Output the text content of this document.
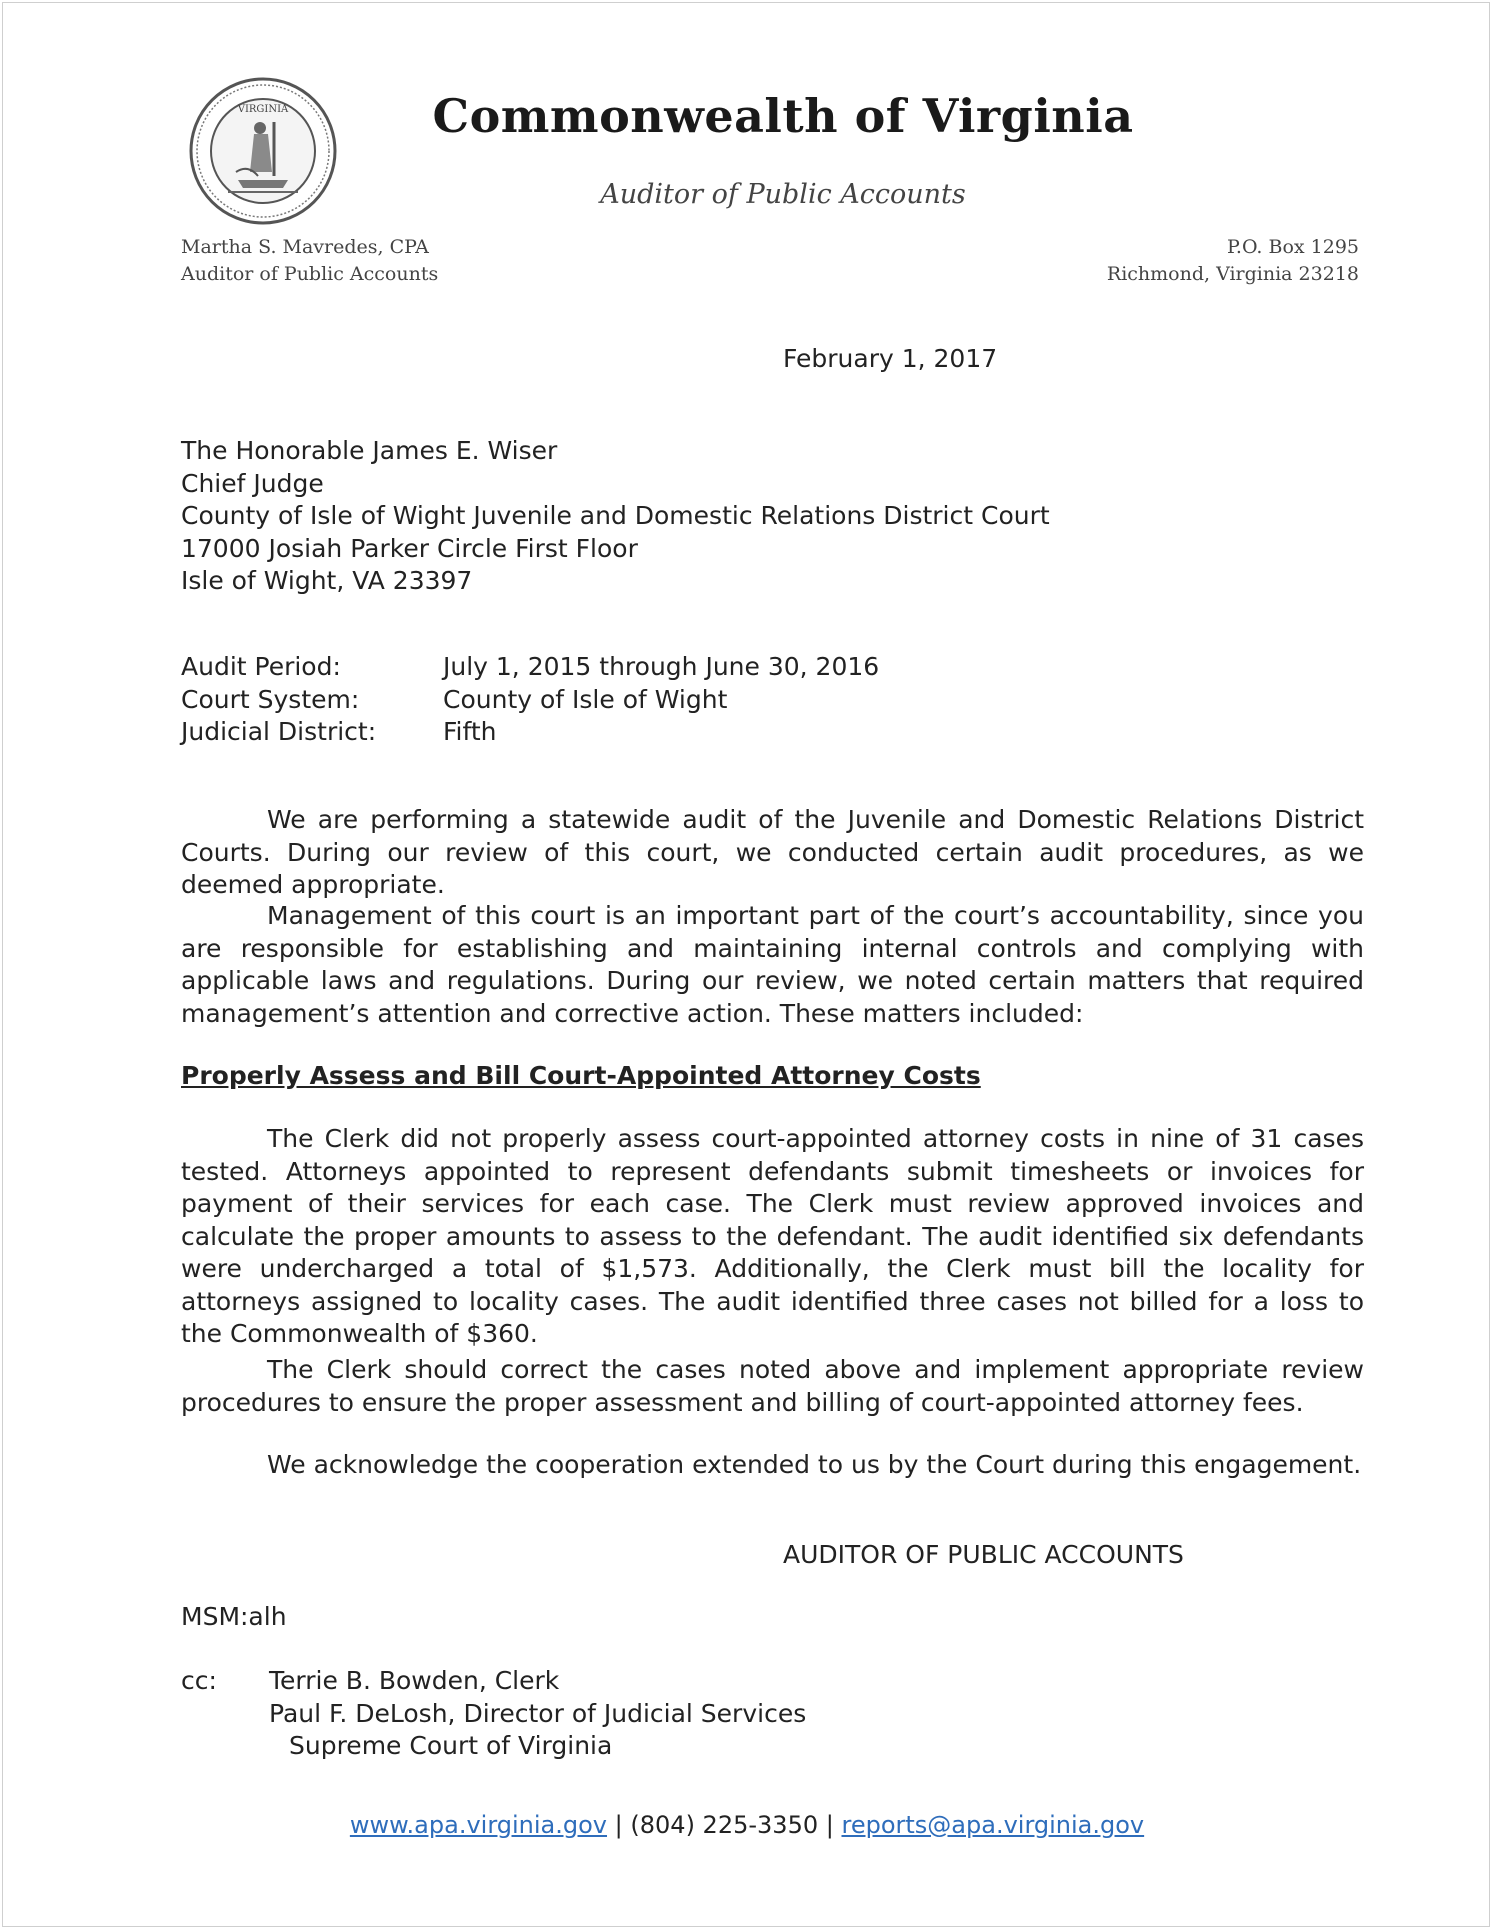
VIRGINIA	Commonwealth of Virginia
Auditor of Public Accounts
Martha S. Mavredes, CPA
Auditor of Public Accounts
P.O. Box 1295
Richmond, Virginia 23218
February 1, 2017
The Honorable James E. Wiser
Chief Judge
County of Isle of Wight Juvenile and Domestic Relations District Court
17000 Josiah Parker Circle First Floor
Isle of Wight, VA 23397
Audit Period:	July 1, 2015 through June 30, 2016
Court System:	County of Isle of Wight
Judicial District:	Fifth
We are performing a statewide audit of the Juvenile and Domestic Relations District Courts. During our review of this court, we conducted certain audit procedures, as we deemed appropriate.
Management of this court is an important part of the court’s accountability, since you are responsible for establishing and maintaining internal controls and complying with applicable laws and regulations. During our review, we noted certain matters that required management’s attention and corrective action. These matters included:
Properly Assess and Bill Court-Appointed Attorney Costs
The Clerk did not properly assess court-appointed attorney costs in nine of 31 cases tested. Attorneys appointed to represent defendants submit timesheets or invoices for payment of their services for each case. The Clerk must review approved invoices and calculate the proper amounts to assess to the defendant. The audit identified six defendants were undercharged a total of $1,573. Additionally, the Clerk must bill the locality for attorneys assigned to locality cases. The audit identified three cases not billed for a loss to the Commonwealth of $360.
The Clerk should correct the cases noted above and implement appropriate review procedures to ensure the proper assessment and billing of court-appointed attorney fees.
We acknowledge the cooperation extended to us by the Court during this engagement.
AUDITOR OF PUBLIC ACCOUNTS
MSM:alh
cc:	Terrie B. Bowden, Clerk
Paul F. DeLosh, Director of Judicial Services
Supreme Court of Virginia
www.apa.virginia.gov | (804) 225-3350 | reports@apa.virginia.gov
